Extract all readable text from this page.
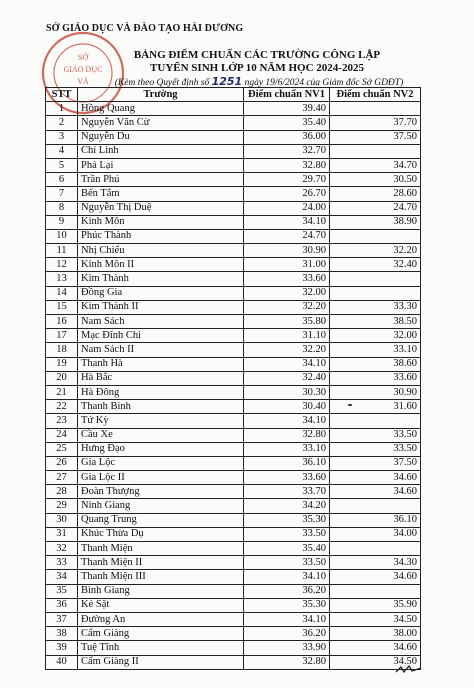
SỞ GIÁO DỤC VÀ ĐÀO TẠO HẢI DƯƠNG
SỞ
GIÁO DỤC
VÀ
BẢNG ĐIỂM CHUẨN CÁC TRƯỜNG CÔNG LẬP
TUYỂN SINH LỚP 10 NĂM HỌC 2024-2025
(Kèm theo Quyết định số 1251 ngày 19/6/2024 của Giám đốc Sở GDĐT)
STT	Trường	Điểm chuẩn NV1	Điểm chuẩn NV2
1	Hồng Quang	39.40	
2	Nguyễn Văn Cừ	35.40	37.70
3	Nguyễn Du	36.00	37.50
4	Chí Linh	32.70	
5	Phả Lại	32.80	34.70
6	Trần Phú	29.70	30.50
7	Bến Tắm	26.70	28.60
8	Nguyễn Thị Duệ	24.00	24.70
9	Kinh Môn	34.10	38.90
10	Phúc Thành	24.70	
11	Nhị Chiểu	30.90	32.20
12	Kinh Môn II	31.00	32.40
13	Kim Thành	33.60	
14	Đồng Gia	32.00	
15	Kim Thành II	32.20	33.30
16	Nam Sách	35.80	38.50
17	Mạc Đĩnh Chi	31.10	32.00
18	Nam Sách II	32.20	33.10
19	Thanh Hà	34.10	38.60
20	Hà Bắc	32.40	33.60
21	Hà Đông	30.30	30.90
22	Thanh Bình	30.40	31.60
23	Tứ Kỳ	34.10	
24	Cầu Xe	32.80	33.50
25	Hưng Đạo	33.10	33.50
26	Gia Lộc	36.10	37.50
27	Gia Lộc II	33.60	34.60
28	Đoàn Thượng	33.70	34.60
29	Ninh Giang	34.20	
30	Quang Trung	35.30	36.10
31	Khúc Thừa Dụ	33.50	34.00
32	Thanh Miện	35.40	
33	Thanh Miện II	33.50	34.30
34	Thanh Miện III	34.10	34.60
35	Bình Giang	36.20	
36	Kẻ Sặt	35.30	35.90
37	Đường An	34.10	34.50
38	Cẩm Giàng	36.20	38.00
39	Tuệ Tĩnh	33.90	34.60
40	Cẩm Giàng II	32.80	34.50
